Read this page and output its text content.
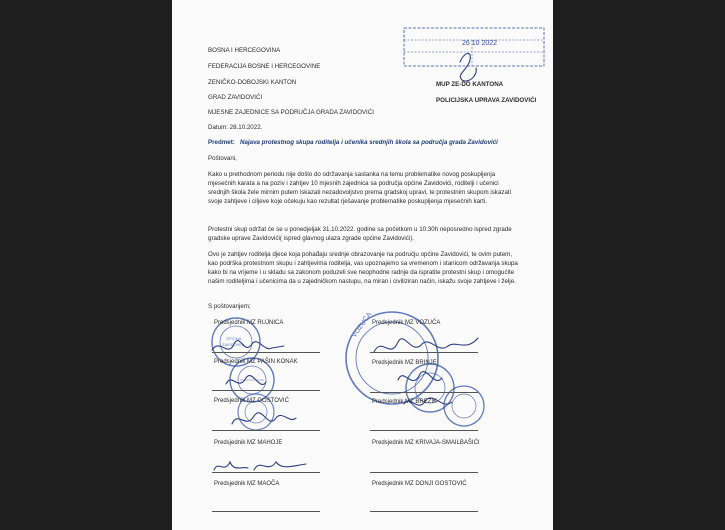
26 10 2022
BOSNA I HERCEGOVINA
FEDERACIJA BOSNE I HERCEGOVINE
ZENIČKO-DOBOJSKI KANTON
GRAD ZAVIDOVIĆI
MJESNE ZAJEDNICE SA PODRUČJA GRADA ZAVIDOVIĆI
MUP ZE-DO KANTONA
POLICIJSKA UPRAVA ZAVIDOVIĆI
Datum: 28.10.2022.
Predmet: Najava protestnog skupa roditelja i učenika srednjih škola sa područja grada Zavidovići
Poštovani,
Kako u prethodnom periodu nije došlo do održavanja sastanka na temu problematike novog poskupljenja mjesečnih karata a na poziv i zahtjev 10 mjesnih zajednica sa područja općine Zavidovići, roditelji i učenici srednjih škola žele mirnim putem iskazati nezadovoljstvo prema gradskoj upravi, te protestnim skupom iskazati svoje zahtjeve i ciljeve koje očekuju kao rezultat rješavanje problematike poskupljenja mjesečnih karti.
Protestni skup održat će se u ponedjeljak 31.10.2022. godine sa početkom u 10:30h neposredno ispred zgrade gradske uprave Zavidovići( ispred glavnog ulaza zgrade općine Zavidovići).
Ovo je zahtjev roditelja djece koja pohađaju srednje obrazovanje na području općine Zavidovići, te ovim putem, kao podrška protestnom skupu i zahtjevima roditelja, vas upoznajemo sa vremenom i stanicom održavanja skupa kako bi na vrijeme i u skladu sa zakonom poduzeli sve neophodne radnje da ispratite protestni skup i omogućite našim roditeljima i učenicima da u zajedničkom nastupu, na miran i civiliziran način, iskažu svoje zahtjeve i želje.
S poštovanjem;
OPĆINA
ZAVIDOVIĆI
VOZUĆA
Predsjednik MZ RUJNICA
Predsjednik MZ PAŠIN KONAK
Predsjednik MZ GOSTOVIĆ
Predsjednik MZ MAHOJE
Predsjednik MZ MAOČA
Predsjednik MZ VOZUĆA
Predsjednik MZ BRINJE
Predsjednik MZ BREZIK
Predsjednik MZ KRIVAJA-SMAILBAŠIĆI
Predsjednik MZ DONJI GOSTOVIĆ
